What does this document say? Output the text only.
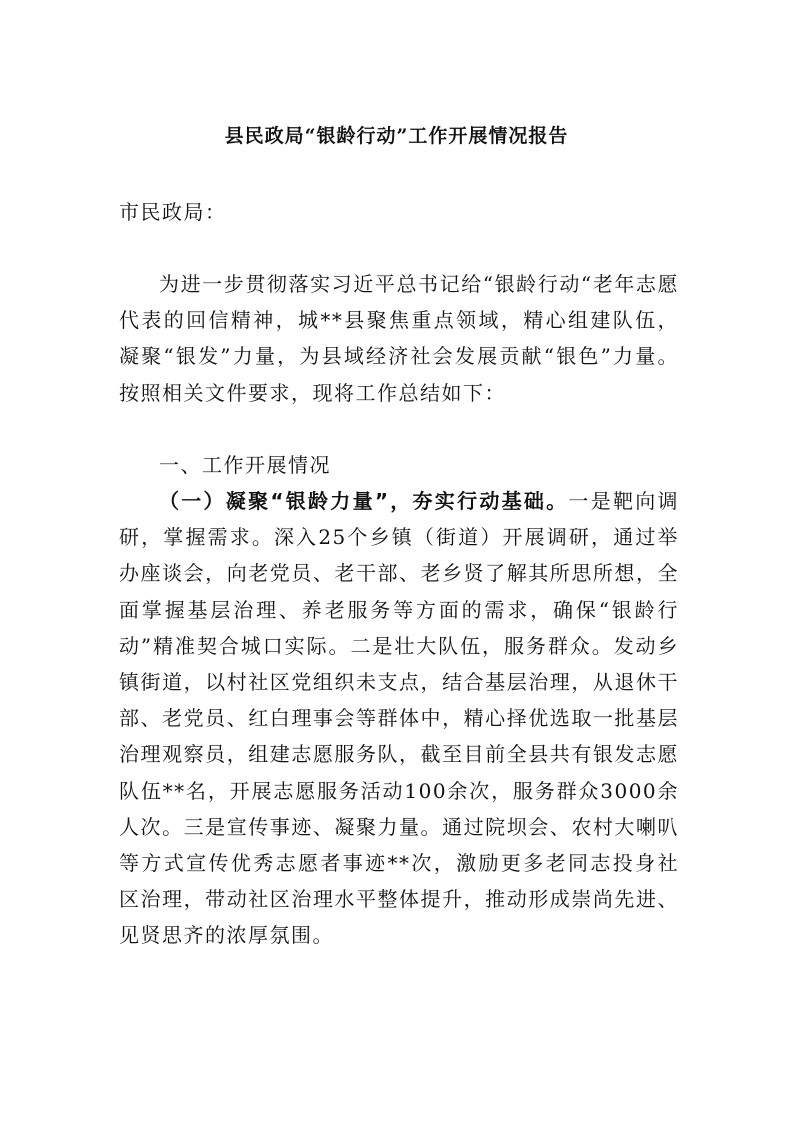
县民政局“银龄行动”工作开展情况报告

市民政局：

为进一步贯彻落实习近平总书记给“银龄行动“老年志愿代表的回信精神，城**县聚焦重点领域，精心组建队伍，凝聚“银发”力量，为县域经济社会发展贡献“银色”力量。按照相关文件要求，现将工作总结如下：

一、工作开展情况

（一）凝聚“银龄力量”，夯实行动基础。一是靶向调研，掌握需求。深入25个乡镇（街道）开展调研，通过举办座谈会，向老党员、老干部、老乡贤了解其所思所想，全面掌握基层治理、养老服务等方面的需求，确保“银龄行动”精准契合城口实际。二是壮大队伍，服务群众。发动乡镇街道，以村社区党组织未支点，结合基层治理，从退休干部、老党员、红白理事会等群体中，精心择优选取一批基层治理观察员，组建志愿服务队，截至目前全县共有银发志愿队伍**名，开展志愿服务活动100余次，服务群众3000余人次。三是宣传事迹、凝聚力量。通过院坝会、农村大喇叭等方式宣传优秀志愿者事迹**次，激励更多老同志投身社区治理，带动社区治理水平整体提升，推动形成崇尚先进、见贤思齐的浓厚氛围。
